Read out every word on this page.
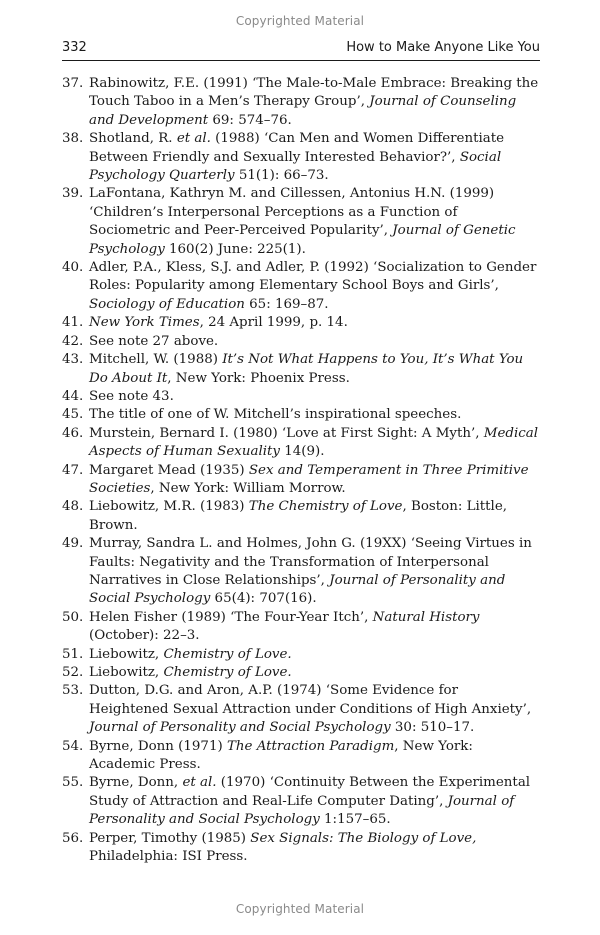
Copyrighted Material
332	How to Make Anyone Like You
37. Rabinowitz, F.E. (1991) ‘The Male-to-Male Embrace: Breaking the Touch Taboo in a Men’s Therapy Group’, Journal of Counseling and Development 69: 574–76.
38. Shotland, R. et al. (1988) ‘Can Men and Women Differentiate Between Friendly and Sexually Interested Behavior?’, Social Psychology Quarterly 51(1): 66–73.
39. LaFontana, Kathryn M. and Cillessen, Antonius H.N. (1999) ‘Children’s Interpersonal Perceptions as a Function of Sociometric and Peer-Perceived Popularity’, Journal of Genetic Psychology 160(2) June: 225(1).
40. Adler, P.A., Kless, S.J. and Adler, P. (1992) ‘Socialization to Gender Roles: Popularity among Elementary School Boys and Girls’, Sociology of Education 65: 169–87.
41. New York Times, 24 April 1999, p. 14.
42. See note 27 above.
43. Mitchell, W. (1988) It’s Not What Happens to You, It’s What You Do About It, New York: Phoenix Press.
44. See note 43.
45. The title of one of W. Mitchell’s inspirational speeches.
46. Murstein, Bernard I. (1980) ‘Love at First Sight: A Myth’, Medical Aspects of Human Sexuality 14(9).
47. Margaret Mead (1935) Sex and Temperament in Three Primitive Societies, New York: William Morrow.
48. Liebowitz, M.R. (1983) The Chemistry of Love, Boston: Little, Brown.
49. Murray, Sandra L. and Holmes, John G. (19XX) ‘Seeing Virtues in Faults: Negativity and the Transformation of Interpersonal Narratives in Close Relationships’, Journal of Personality and Social Psychology 65(4): 707(16).
50. Helen Fisher (1989) ‘The Four-Year Itch’, Natural History (October): 22–3.
51. Liebowitz, Chemistry of Love.
52. Liebowitz, Chemistry of Love.
53. Dutton, D.G. and Aron, A.P. (1974) ‘Some Evidence for Heightened Sexual Attraction under Conditions of High Anxiety’, Journal of Personality and Social Psychology 30: 510–17.
54. Byrne, Donn (1971) The Attraction Paradigm, New York: Academic Press.
55. Byrne, Donn, et al. (1970) ‘Continuity Between the Experimental Study of Attraction and Real-Life Computer Dating’, Journal of Personality and Social Psychology 1:157–65.
56. Perper, Timothy (1985) Sex Signals: The Biology of Love, Philadelphia: ISI Press.
Copyrighted Material
